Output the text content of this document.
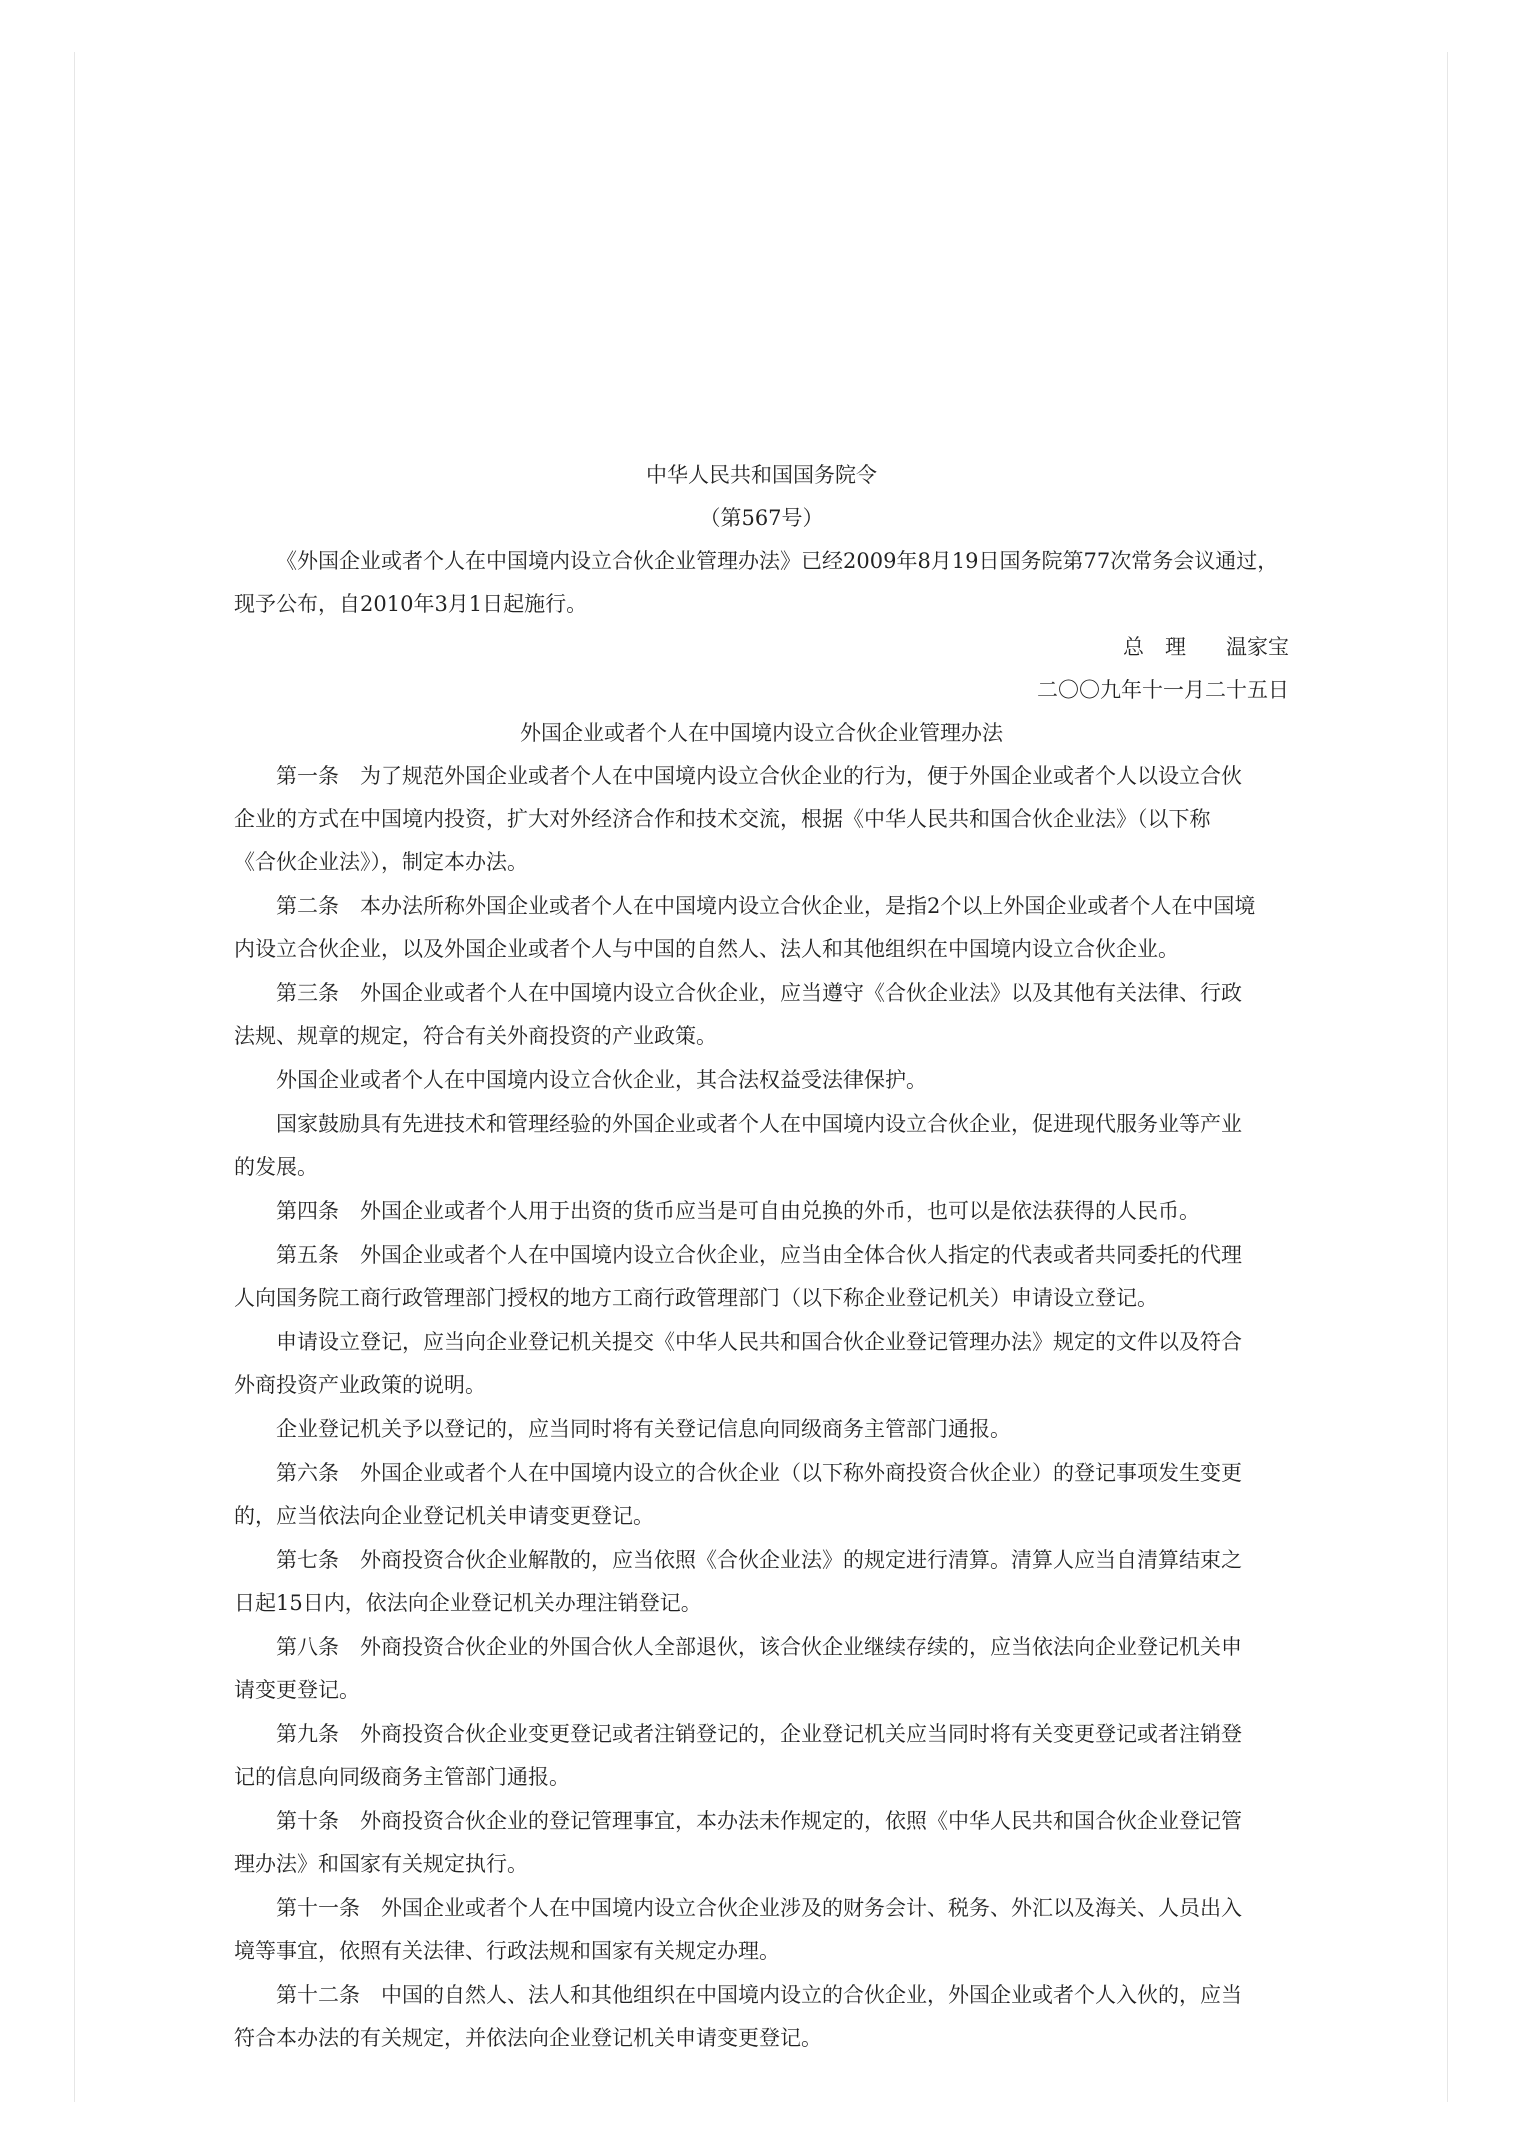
中华人民共和国国务院令
（第567号）
《外国企业或者个人在中国境内设立合伙企业管理办法》已经2009年8月19日国务院第77次常务会议通过，
现予公布，自2010年3月1日起施行。
总　理 温家宝
二〇〇九年十一月二十五日
外国企业或者个人在中国境内设立合伙企业管理办法
第一条　为了规范外国企业或者个人在中国境内设立合伙企业的行为，便于外国企业或者个人以设立合伙
企业的方式在中国境内投资，扩大对外经济合作和技术交流，根据《中华人民共和国合伙企业法》（以下称
《合伙企业法》），制定本办法。
第二条　本办法所称外国企业或者个人在中国境内设立合伙企业，是指2个以上外国企业或者个人在中国境
内设立合伙企业，以及外国企业或者个人与中国的自然人、法人和其他组织在中国境内设立合伙企业。
第三条　外国企业或者个人在中国境内设立合伙企业，应当遵守《合伙企业法》以及其他有关法律、行政
法规、规章的规定，符合有关外商投资的产业政策。
外国企业或者个人在中国境内设立合伙企业，其合法权益受法律保护。
国家鼓励具有先进技术和管理经验的外国企业或者个人在中国境内设立合伙企业，促进现代服务业等产业
的发展。
第四条　外国企业或者个人用于出资的货币应当是可自由兑换的外币，也可以是依法获得的人民币。
第五条　外国企业或者个人在中国境内设立合伙企业，应当由全体合伙人指定的代表或者共同委托的代理
人向国务院工商行政管理部门授权的地方工商行政管理部门（以下称企业登记机关）申请设立登记。
申请设立登记，应当向企业登记机关提交《中华人民共和国合伙企业登记管理办法》规定的文件以及符合
外商投资产业政策的说明。
企业登记机关予以登记的，应当同时将有关登记信息向同级商务主管部门通报。
第六条　外国企业或者个人在中国境内设立的合伙企业（以下称外商投资合伙企业）的登记事项发生变更
的，应当依法向企业登记机关申请变更登记。
第七条　外商投资合伙企业解散的，应当依照《合伙企业法》的规定进行清算。清算人应当自清算结束之
日起15日内，依法向企业登记机关办理注销登记。
第八条　外商投资合伙企业的外国合伙人全部退伙，该合伙企业继续存续的，应当依法向企业登记机关申
请变更登记。
第九条　外商投资合伙企业变更登记或者注销登记的，企业登记机关应当同时将有关变更登记或者注销登
记的信息向同级商务主管部门通报。
第十条　外商投资合伙企业的登记管理事宜，本办法未作规定的，依照《中华人民共和国合伙企业登记管
理办法》和国家有关规定执行。
第十一条　外国企业或者个人在中国境内设立合伙企业涉及的财务会计、税务、外汇以及海关、人员出入
境等事宜，依照有关法律、行政法规和国家有关规定办理。
第十二条　中国的自然人、法人和其他组织在中国境内设立的合伙企业，外国企业或者个人入伙的，应当
符合本办法的有关规定，并依法向企业登记机关申请变更登记。
